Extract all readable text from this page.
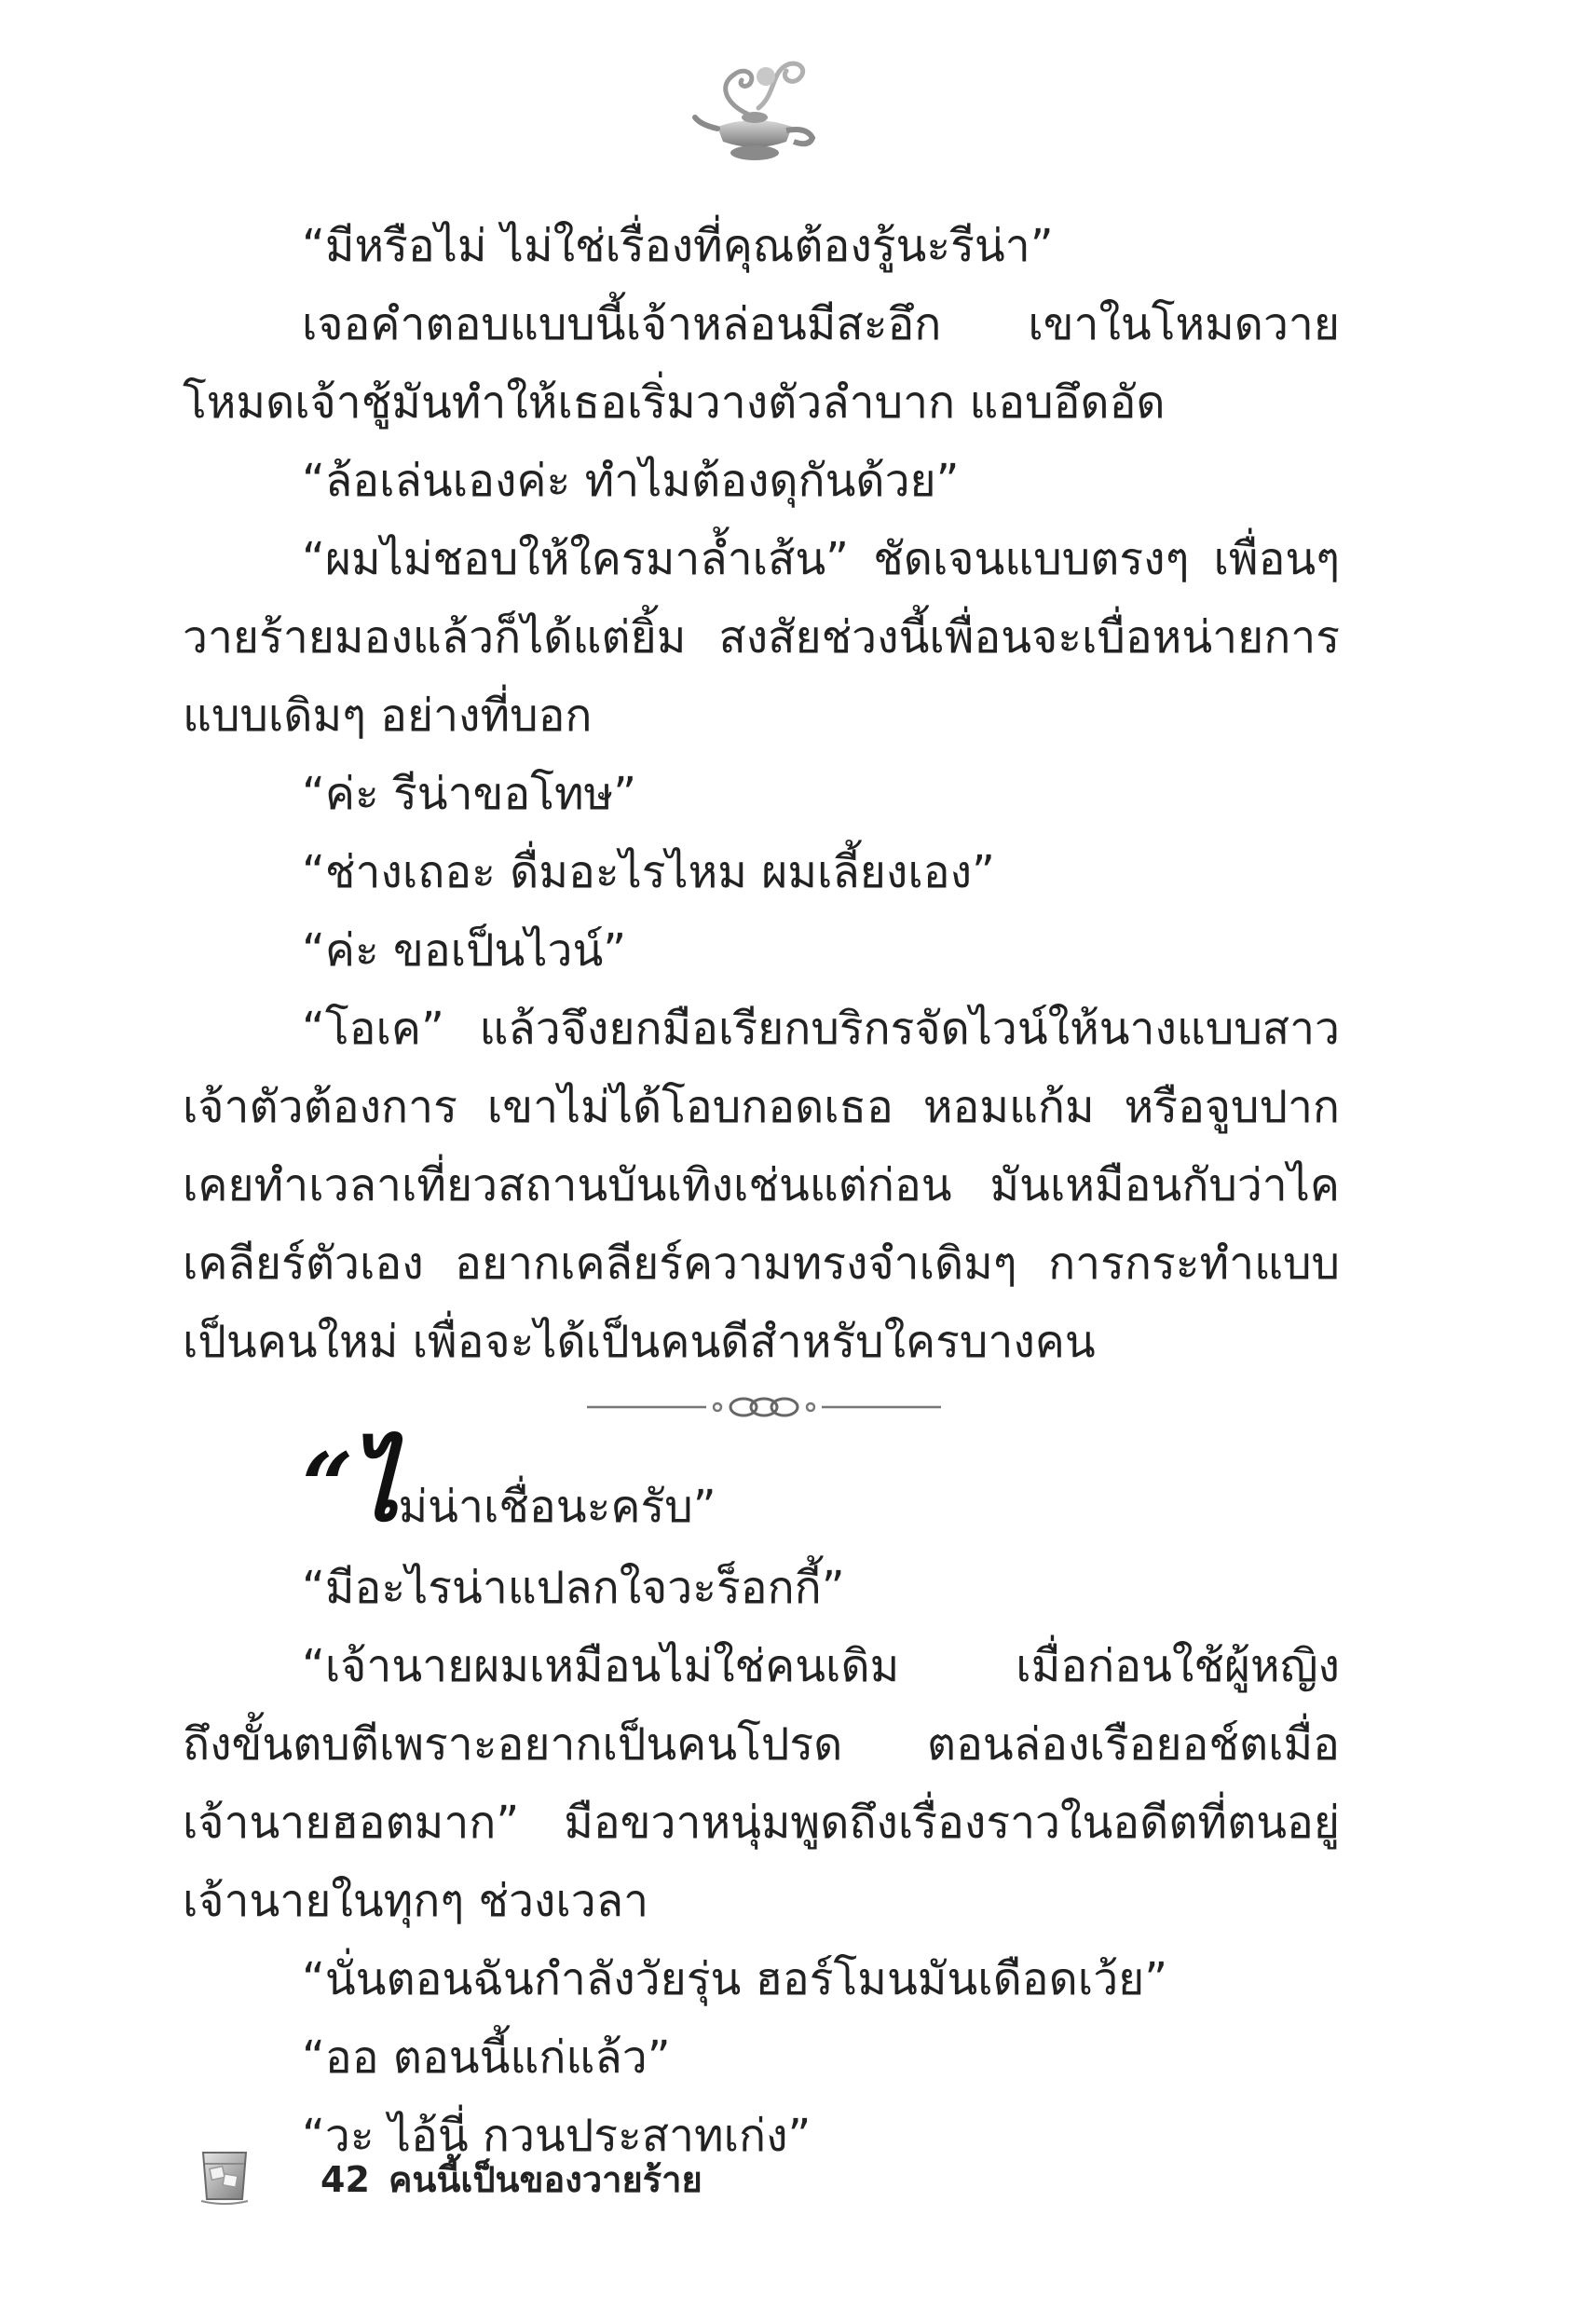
“มีหรือไม่ ไม่ใช่เรื่องที่คุณต้องรู้นะรีน่า”
เจอคำตอบแบบนี้เจ้าหล่อนมีสะอึก เขาในโหมดวาย
โหมดเจ้าชู้มันทำให้เธอเริ่มวางตัวลำบาก แอบอึดอัด
“ล้อเล่นเองค่ะ ทำไมต้องดุกันด้วย”
“ผมไม่ชอบให้ใครมาล้ำเส้น” ชัดเจนแบบตรงๆ เพื่อนๆ
วายร้ายมองแล้วก็ได้แต่ยิ้ม สงสัยช่วงนี้เพื่อนจะเบื่อหน่ายการ
แบบเดิมๆ อย่างที่บอก
“ค่ะ รีน่าขอโทษ”
“ช่างเถอะ ดื่มอะไรไหม ผมเลี้ยงเอง”
“ค่ะ ขอเป็นไวน์”
“โอเค” แล้วจึงยกมือเรียกบริกรจัดไวน์ให้นางแบบสาว
เจ้าตัวต้องการ เขาไม่ได้โอบกอดเธอ หอมแก้ม หรือจูบปาก
เคยทำเวลาเที่ยวสถานบันเทิงเช่นแต่ก่อน มันเหมือนกับว่าไค
เคลียร์ตัวเอง อยากเคลียร์ความทรงจำเดิมๆ การกระทำแบบ
เป็นคนใหม่ เพื่อจะได้เป็นคนดีสำหรับใครบางคน
“ไม่น่าเชื่อนะครับ”
“มีอะไรน่าแปลกใจวะร็อกกี้”
“เจ้านายผมเหมือนไม่ใช่คนเดิม เมื่อก่อนใช้ผู้หญิง
ถึงขั้นตบตีเพราะอยากเป็นคนโปรด ตอนล่องเรือยอช์ตเมื่อ
เจ้านายฮอตมาก” มือขวาหนุ่มพูดถึงเรื่องราวในอดีตที่ตนอยู่
เจ้านายในทุกๆ ช่วงเวลา
“นั่นตอนฉันกำลังวัยรุ่น ฮอร์โมนมันเดือดเว้ย”
“ออ ตอนนี้แก่แล้ว”
“วะ ไอ้นี่ กวนประสาทเก่ง”
42 คนนี้เป็นของวายร้าย
